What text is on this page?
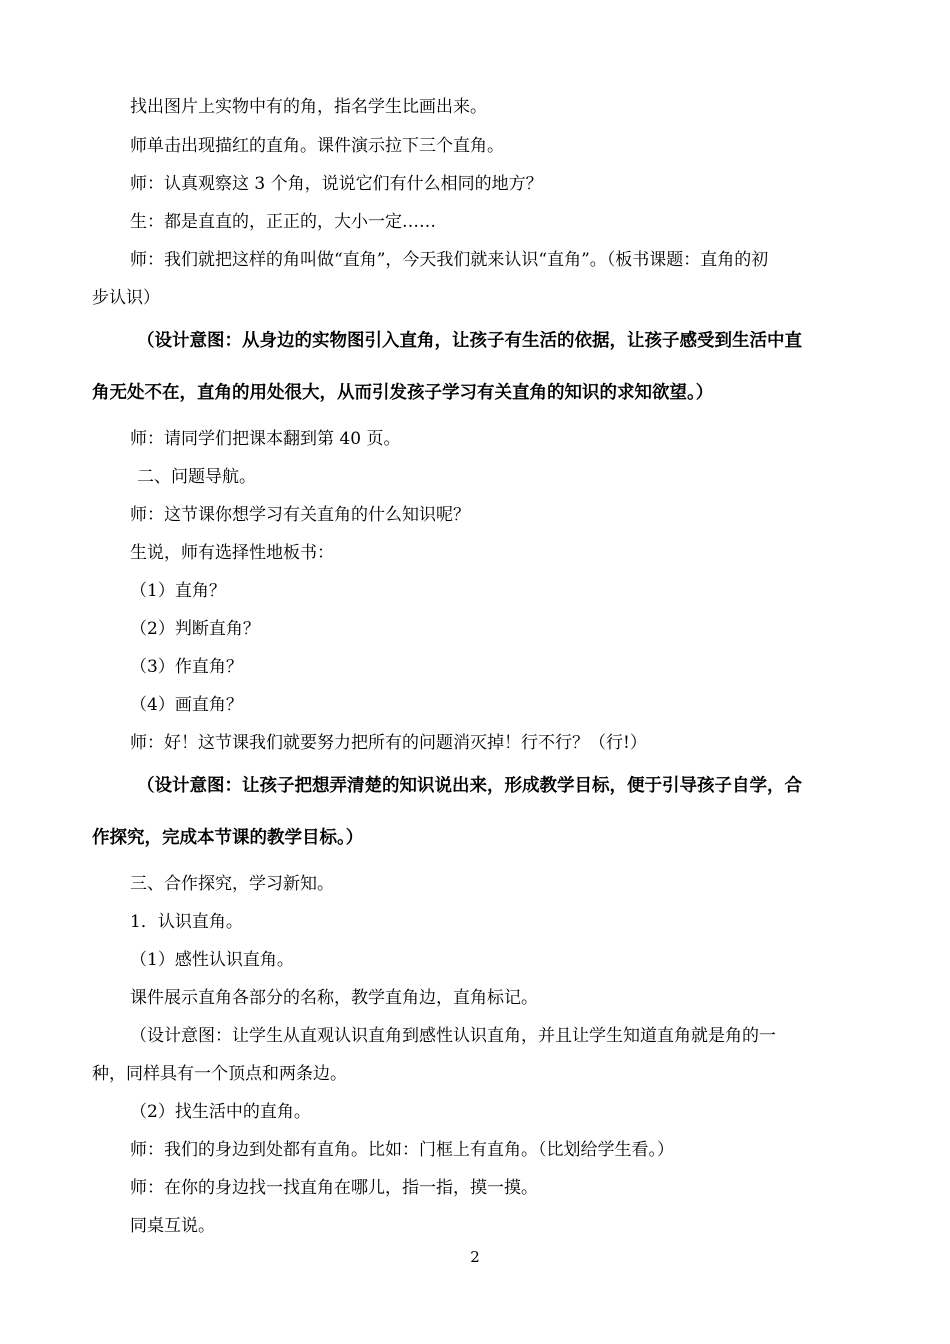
找出图片上实物中有的角，指名学生比画出来。

师单击出现描红的直角。课件演示拉下三个直角。

师：认真观察这 3 个角，说说它们有什么相同的地方？

生：都是直直的，正正的，大小一定……

师：我们就把这样的角叫做“直角”，今天我们就来认识“直角”。（板书课题：直角的初

步认识）

（设计意图：从身边的实物图引入直角，让孩子有生活的依据，让孩子感受到生活中直

角无处不在，直角的用处很大，从而引发孩子学习有关直角的知识的求知欲望。）

师：请同学们把课本翻到第 40 页。

二、问题导航。

师：这节课你想学习有关直角的什么知识呢？

生说，师有选择性地板书：

（1）直角？

（2）判断直角？

（3）作直角？

（4）画直角？

师：好！这节课我们就要努力把所有的问题消灭掉！行不行？（行!）

（设计意图：让孩子把想弄清楚的知识说出来，形成教学目标，便于引导孩子自学，合

作探究，完成本节课的教学目标。）

三、合作探究，学习新知。

1．认识直角。

（1）感性认识直角。

课件展示直角各部分的名称，教学直角边，直角标记。

（设计意图：让学生从直观认识直角到感性认识直角，并且让学生知道直角就是角的一

种，同样具有一个顶点和两条边。

（2）找生活中的直角。

师：我们的身边到处都有直角。比如：门框上有直角。（比划给学生看。）

师：在你的身边找一找直角在哪儿，指一指，摸一摸。

同桌互说。

2
